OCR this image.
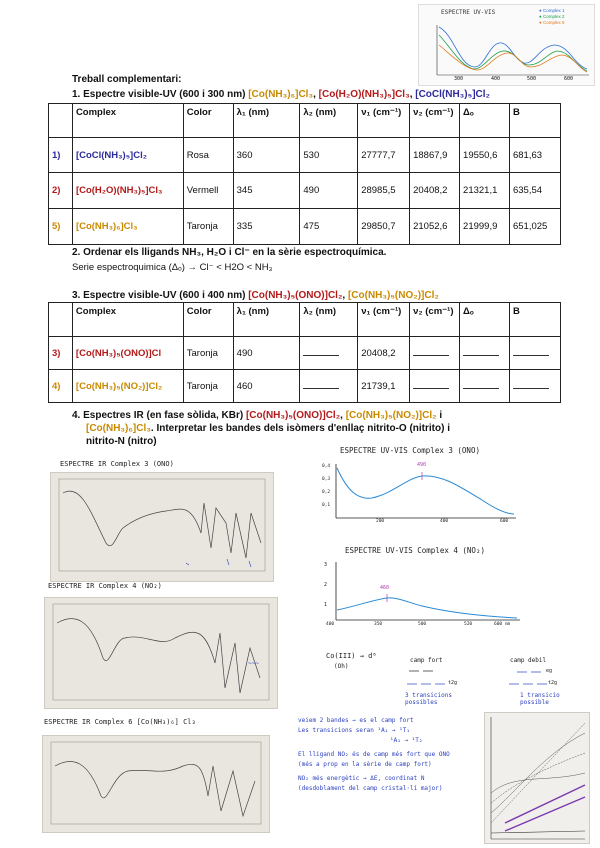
ESPECTRE UV-VIS	● Complex 1
● Complex 2
● Complex 5
300	400	500	600
Treball complementari:
1. Espectre visible-UV (600 i 300 nm) [Co(NH₃)₆]Cl₃, [Co(H₂O)(NH₃)₅]Cl₃, [CoCl(NH₃)₅]Cl₂
	Complex	Color	λ₁ (nm)	λ₂ (nm)	ν₁ (cm⁻¹)	ν₂ (cm⁻¹)	Δₒ	B
1)	[CoCl(NH₃)₅]Cl₂	Rosa	360	530	27777,7	18867,9	19550,6	681,63
2)	[Co(H₂O)(NH₃)₅]Cl₃	Vermell	345	490	28985,5	20408,2	21321,1	635,54
5)	[Co(NH₃)₆]Cl₃	Taronja	335	475	29850,7	21052,6	21999,9	651,025
2. Ordenar els lligands NH₃, H₂O i Cl⁻ en la sèrie espectroquímica.
Serie espectroquimica (Δₒ) → Cl⁻ < H2O < NH₃
3. Espectre visible-UV (600 i 400 nm) [Co(NH₃)₅(ONO)]Cl₂, [Co(NH₃)₅(NO₂)]Cl₂
	Complex	Color	λ₁ (nm)	λ₂ (nm)	ν₁ (cm⁻¹)	ν₂ (cm⁻¹)	Δₒ	B
3)	[Co(NH₃)₅(ONO)]Cl	Taronja	490		20408,2			
4)	[Co(NH₃)₅(NO₂)]Cl₂	Taronja	460		21739,1			
4. Espectres IR (en fase sòlida, KBr) [Co(NH₃)₅(ONO)]Cl₂, [Co(NH₃)₅(NO₂)]Cl₂ i
[Co(NH₃)₆]Cl₃. Interpretar les bandes dels isòmers d'enllaç nitrito-O (nitrito) i
nitrito-N (nitro)
ESPECTRE IR Complex 3 (ONO)
ESPECTRE IR Complex 4 (NO₂)
~~~
ESPECTRE IR Complex 6 [Co(NH₃)₆] Cl₃
ESPECTRE UV-VIS Complex 3 (ONO)
490
0,4
0,3
0,2
0,1
200	400	600
ESPECTRE UV-VIS Complex 4 (NO₂)
460
3
2
1
400	350	500	520	600 nm
Co(III) → d⁶
(Oh)
camp fort
t2g
3 transicions possibles
camp debil
eg
t2g
1 transicio possible
veiem 2 bandes → es el camp fort
Les transicions seran ¹A₁ → ¹T₁
¹A₁ → ¹T₂
El lligand NO₂ és de camp més fort que ONO
(més a prop en la sèrie de camp fort)
NO₂ més energètic → ΔE, coordinat N
(desdoblament del camp cristal·lí major)
